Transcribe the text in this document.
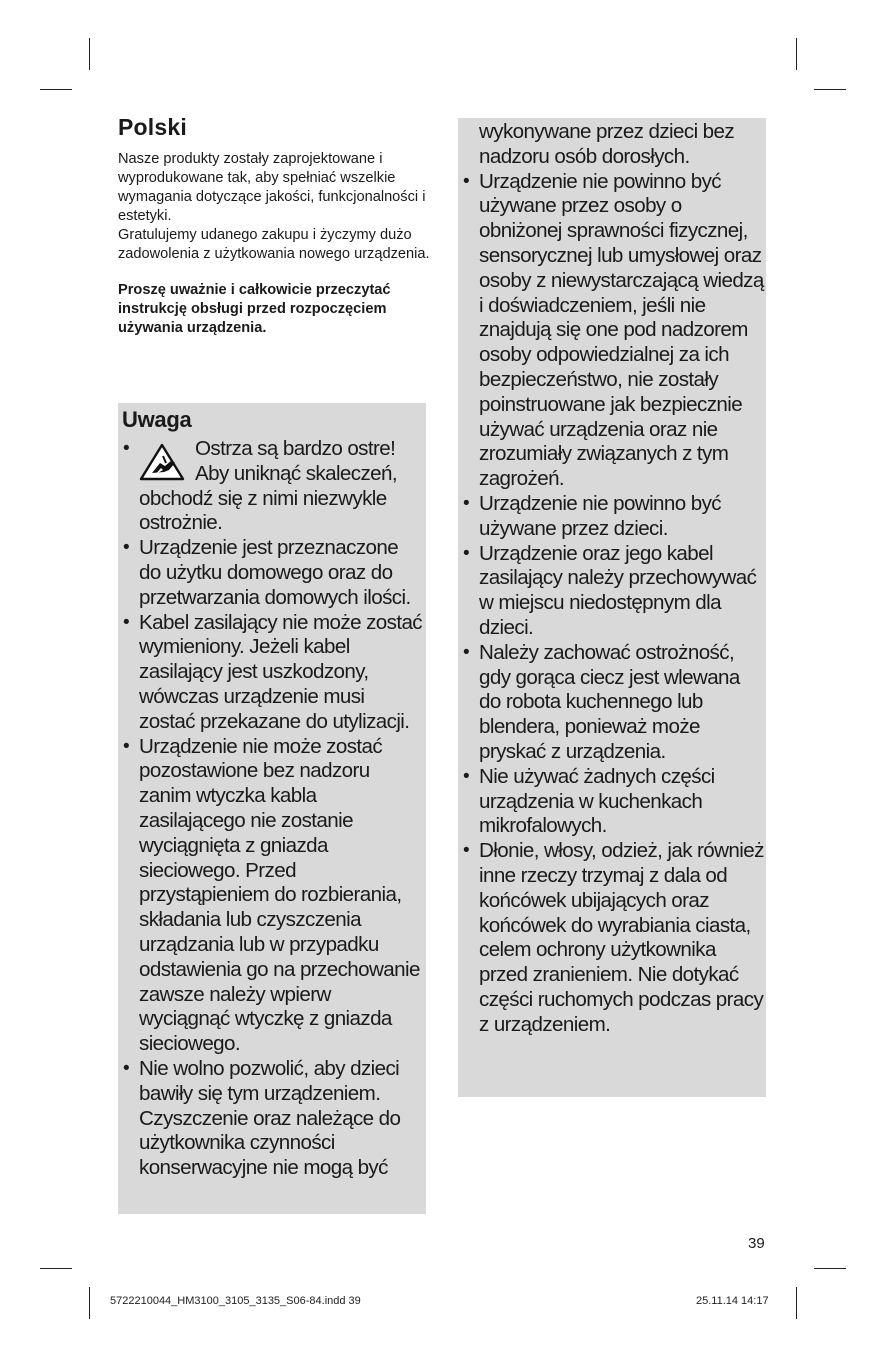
Polski

Nasze produkty zostały zaprojektowane i wyprodukowane tak, aby spełniać wszelkie wymagania dotyczące jakości, funkcjonalności i estetyki.

Gratulujemy udanego zakupu i życzymy dużo zadowolenia z użytkowania nowego urządzenia.

Proszę uważnie i całkowicie przeczytać instrukcję obsługi przed rozpoczęciem używania urządzenia.

Uwaga
•	Ostrza są bardzo ostre!
Aby uniknąć skaleczeń,
obchodź się z nimi niezwykle ostrożnie.
• Urządzenie jest przeznaczone do użytku domowego oraz do przetwarzania domowych ilości.
• Kabel zasilający nie może zostać wymieniony. Jeżeli kabel zasilający jest uszkodzony, wówczas urządzenie musi zostać przekazane do utylizacji.
• Urządzenie nie może zostać pozostawione bez nadzoru zanim wtyczka kabla zasilającego nie zostanie wyciągnięta z gniazda sieciowego. Przed przystąpieniem do rozbierania, składania lub czyszczenia urządzania lub w przypadku odstawienia go na przechowanie zawsze należy wpierw wyciągnąć wtyczkę z gniazda sieciowego.
• Nie wolno pozwolić, aby dzieci bawiły się tym urządzeniem. Czyszczenie oraz należące do użytkownika czynności konserwacyjne nie mogą być
wykonywane przez dzieci bez nadzoru osób dorosłych.
• Urządzenie nie powinno być używane przez osoby o obniżonej sprawności fizycznej, sensorycznej lub umysłowej oraz osoby z niewystarczającą wiedzą i doświadczeniem, jeśli nie znajdują się one pod nadzorem osoby odpowiedzialnej za ich bezpieczeństwo, nie zostały poinstruowane jak bezpiecznie używać urządzenia oraz nie zrozumiały związanych z tym zagrożeń.
• Urządzenie nie powinno być używane przez dzieci.
• Urządzenie oraz jego kabel zasilający należy przechowywać w miejscu niedostępnym dla dzieci.
• Należy zachować ostrożność, gdy gorąca ciecz jest wlewana do robota kuchennego lub blendera, ponieważ może pryskać z urządzenia.
• Nie używać żadnych części urządzenia w kuchenkach mikrofalowych.
• Dłonie, włosy, odzież, jak również inne rzeczy trzymaj z dala od końcówek ubijających oraz końcówek do wyrabiania ciasta, celem ochrony użytkownika przed zranieniem. Nie dotykać części ruchomych podczas pracy z urządzeniem.
39
5722210044_HM3100_3105_3135_S06-84.indd 39	25.11.14 14:17
